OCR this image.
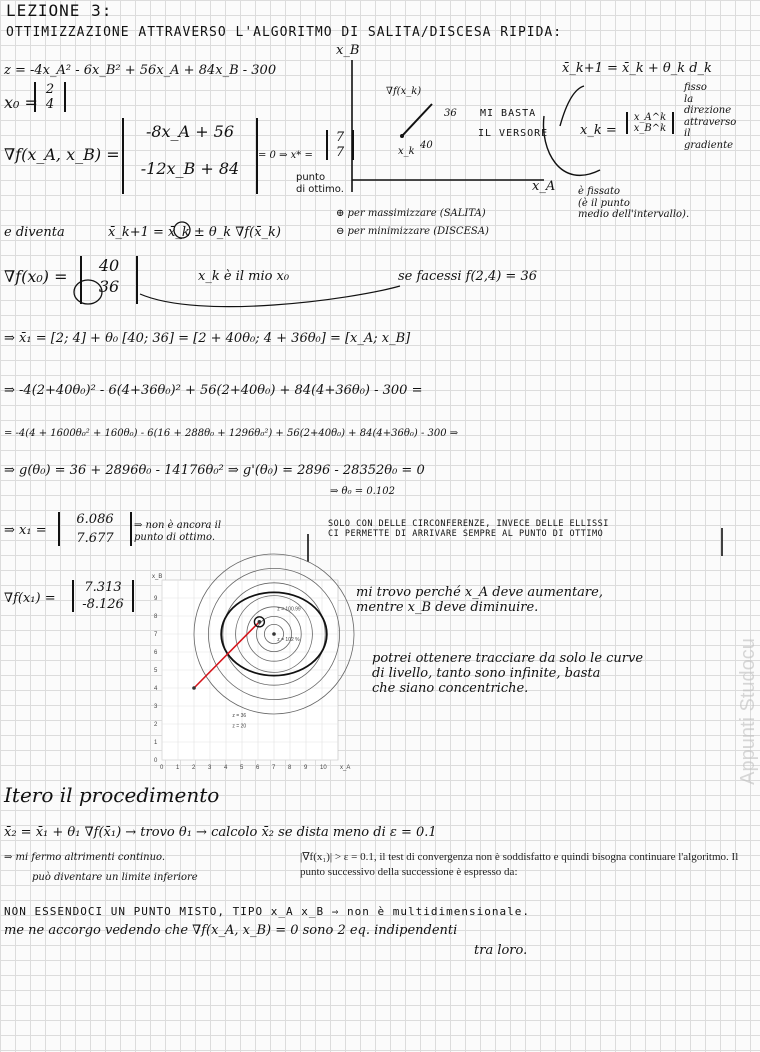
LEZIONE 3:
OTTIMIZZAZIONE ATTRAVERSO L'ALGORITMO DI SALITA/DISCESA RIPIDA:
z = -4x_A² - 6x_B² + 56x_A + 84x_B - 300
x₀ =
2
4
∇f(x_A, x_B) =
-8x_A + 56
-12x_B + 84
= 0 ⇒ x* =
7
7
punto
di ottimo.
x_B
x_A
∇f(x_k)
36
40
x_k
MI BASTA
IL VERSORE
x̄_k+1 = x̄_k + θ_k d_k
fisso
la
direzione
attraverso
il
gradiente
x_k =
x_A^k
x_B^k
è fissato
(è il punto
medio dell'intervallo).
e diventa	x̄_k+1 = x̄_k ± θ_k ∇f(x̄_k)
⊕ per massimizzare (SALITA)
⊖ per minimizzare (DISCESA)
∇f(x₀) =
40
36
x_k è il mio x₀	se facessi f(2,4) = 36
⇒ x̄₁ = [2; 4] + θ₀ [40; 36] = [2 + 40θ₀; 4 + 36θ₀] = [x_A; x_B]
⇒ -4(2+40θ₀)² - 6(4+36θ₀)² + 56(2+40θ₀) + 84(4+36θ₀) - 300 =
= -4(4 + 1600θ₀² + 160θ₀) - 6(16 + 288θ₀ + 1296θ₀²) + 56(2+40θ₀) + 84(4+36θ₀) - 300 ⇒
⇒ g(θ₀) = 36 + 2896θ₀ - 14176θ₀² ⇒ g'(θ₀) = 2896 - 28352θ₀ = 0
⇒ θ₀ = 0.102
⇒ x₁ =
6.086
7.677
⇒ non è ancora il
punto di ottimo.
SOLO CON DELLE CIRCONFERENZE, INVECE DELLE ELLISSI
CI PERMETTE DI ARRIVARE SEMPRE AL PUNTO DI OTTIMO
∇f(x₁) =
7.313
-8.126
mi trovo perché x_A deve aumentare,
mentre x_B deve diminuire.
potrei ottenere tracciare da solo le curve
di livello, tanto sono infinite, basta
che siano concentriche.
Itero il procedimento
x̄₂ = x̄₁ + θ₁ ∇f(x̄₁) → trovo θ₁ → calcolo x̄₂ se dista meno di ε = 0.1
⇒ mi fermo altrimenti continuo.
può diventare un limite inferiore
|∇f(x₁)| > ε = 0.1, il test di convergenza non è soddisfatto e quindi bisogna continuare l'algoritmo. Il punto successivo della successione è espresso da:
NON ESSENDOCI UN PUNTO MISTO, TIPO x_A x_B ⇒ non è multidimensionale.
me ne accorgo vedendo che ∇f(x_A, x_B) = 0 sono 2 eq. indipendenti
tra loro.
0 1 2 3 4 5 6 7 8 9 10
0
1
2
3
4
5
6
7
8
9
x_A
x_B
z = 100.99
z = 102 %
z = 36
z = 20	Appunti Studocu
